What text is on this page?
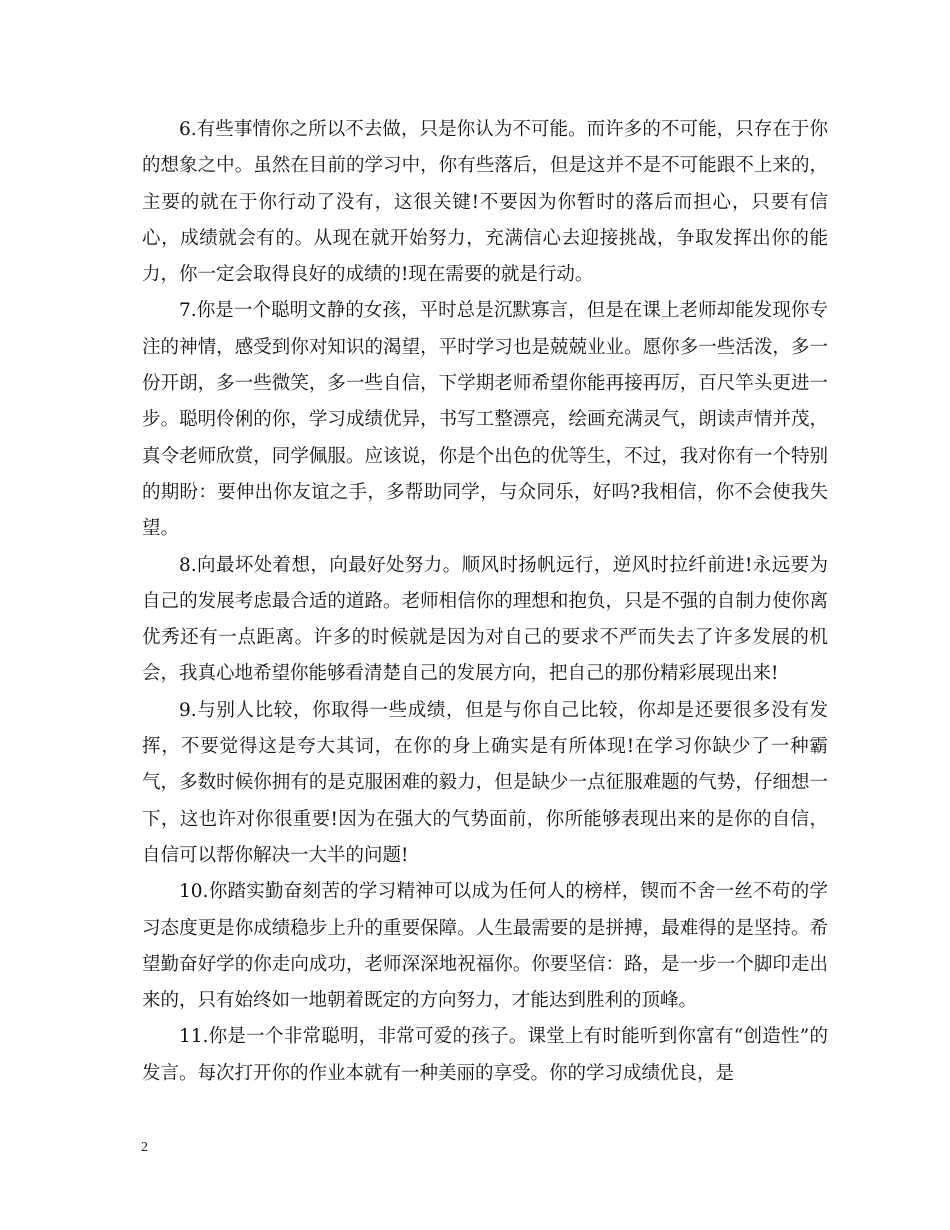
6.有些事情你之所以不去做，只是你认为不可能。而许多的不可能，只存在于你的想象之中。虽然在目前的学习中，你有些落后，但是这并不是不可能跟不上来的，主要的就在于你行动了没有，这很关键!不要因为你暂时的落后而担心，只要有信心，成绩就会有的。从现在就开始努力，充满信心去迎接挑战，争取发挥出你的能力，你一定会取得良好的成绩的!现在需要的就是行动。

7.你是一个聪明文静的女孩，平时总是沉默寡言，但是在课上老师却能发现你专注的神情，感受到你对知识的渴望，平时学习也是兢兢业业。愿你多一些活泼，多一份开朗，多一些微笑，多一些自信，下学期老师希望你能再接再厉，百尺竿头更进一步。聪明伶俐的你，学习成绩优异，书写工整漂亮，绘画充满灵气，朗读声情并茂，真令老师欣赏，同学佩服。应该说，你是个出色的优等生，不过，我对你有一个特别的期盼：要伸出你友谊之手，多帮助同学，与众同乐，好吗?我相信，你不会使我失望。

8.向最坏处着想，向最好处努力。顺风时扬帆远行，逆风时拉纤前进!永远要为自己的发展考虑最合适的道路。老师相信你的理想和抱负，只是不强的自制力使你离优秀还有一点距离。许多的时候就是因为对自己的要求不严而失去了许多发展的机会，我真心地希望你能够看清楚自己的发展方向，把自己的那份精彩展现出来!

9.与别人比较，你取得一些成绩，但是与你自己比较，你却是还要很多没有发挥，不要觉得这是夸大其词，在你的身上确实是有所体现!在学习你缺少了一种霸气，多数时候你拥有的是克服困难的毅力，但是缺少一点征服难题的气势，仔细想一下，这也许对你很重要!因为在强大的气势面前，你所能够表现出来的是你的自信，自信可以帮你解决一大半的问题!

10.你踏实勤奋刻苦的学习精神可以成为任何人的榜样，锲而不舍一丝不苟的学习态度更是你成绩稳步上升的重要保障。人生最需要的是拼搏，最难得的是坚持。希望勤奋好学的你走向成功，老师深深地祝福你。你要坚信：路，是一步一个脚印走出来的，只有始终如一地朝着既定的方向努力，才能达到胜利的顶峰。

11.你是一个非常聪明，非常可爱的孩子。课堂上有时能听到你富有“创造性”的发言。每次打开你的作业本就有一种美丽的享受。你的学习成绩优良，是

2
